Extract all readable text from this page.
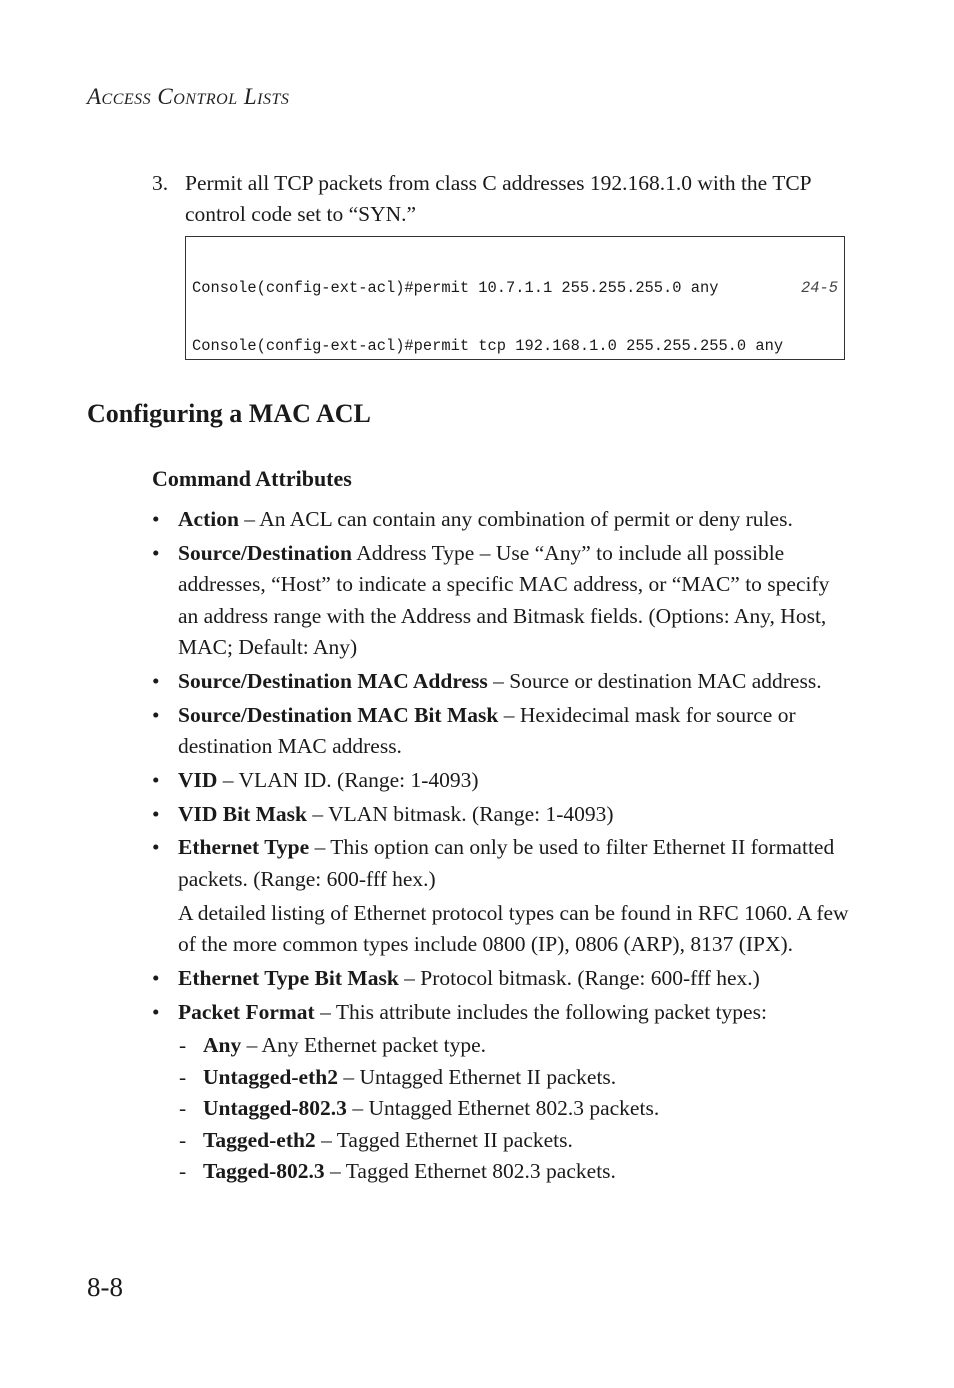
Access Control Lists
3. Permit all TCP packets from class C addresses 192.168.1.0 with the TCP control code set to “SYN.”

Console(config-ext-acl)#permit 10.7.1.1 255.255.255.0 any	24-5

Console(config-ext-acl)#permit tcp 192.168.1.0 255.255.255.0 any

Configuring a MAC ACL
Command Attributes
• Action – An ACL can contain any combination of permit or deny rules.
• Source/Destination Address Type – Use “Any” to include all possible addresses, “Host” to indicate a specific MAC address, or “MAC” to specify an address range with the Address and Bitmask fields. (Options: Any, Host, MAC; Default: Any)
• Source/Destination MAC Address – Source or destination MAC address.
• Source/Destination MAC Bit Mask – Hexidecimal mask for source or destination MAC address.
• VID – VLAN ID. (Range: 1-4093)
• VID Bit Mask – VLAN bitmask. (Range: 1-4093)
• Ethernet Type – This option can only be used to filter Ethernet II formatted packets. (Range: 600-fff hex.)
A detailed listing of Ethernet protocol types can be found in RFC 1060. A few of the more common types include 0800 (IP), 0806 (ARP), 8137 (IPX).
• Ethernet Type Bit Mask – Protocol bitmask. (Range: 600-fff hex.)
• Packet Format – This attribute includes the following packet types:
- Any – Any Ethernet packet type.
- Untagged-eth2 – Untagged Ethernet II packets.
- Untagged-802.3 – Untagged Ethernet 802.3 packets.
- Tagged-eth2 – Tagged Ethernet II packets.
- Tagged-802.3 – Tagged Ethernet 802.3 packets.
8-8
